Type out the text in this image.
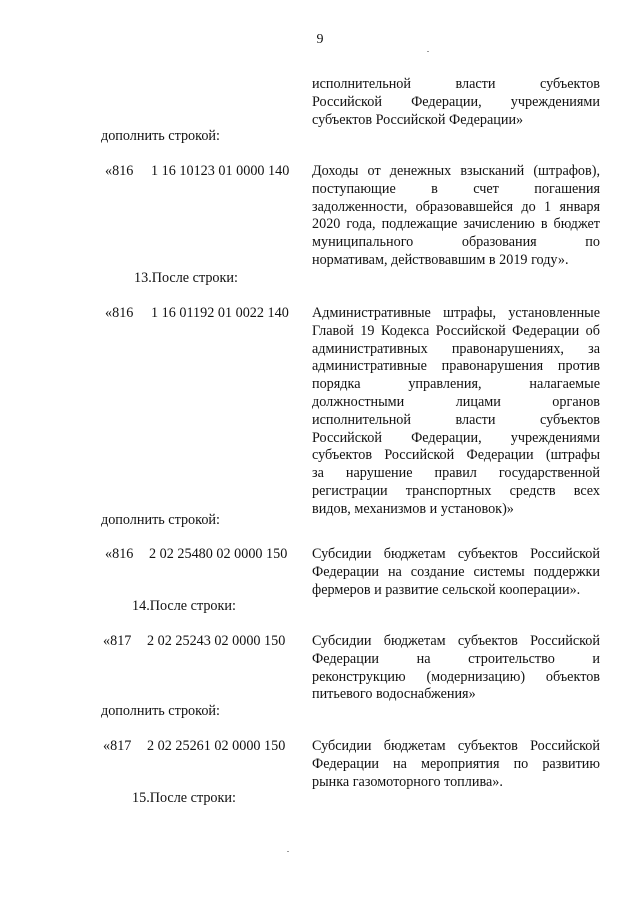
9
исполнительной власти субъектов
Российской Федерации, учреждениями
субъектов Российской Федерации»
дополнить строкой:
«816 1 16 10123 01 0000 140 Доходы от денежных взысканий (штрафов),
поступающие в счет погашения
задолженности, образовавшейся до 1 января
2020 года, подлежащие зачислению в бюджет
муниципального образования по
нормативам, действовавшим в 2019 году».
13.После строки:
«816 1 16 01192 01 0022 140 Административные штрафы, установленные
Главой 19 Кодекса Российской Федерации об
административных правонарушениях, за
административные правонарушения против
порядка управления, налагаемые
должностными лицами органов
исполнительной власти субъектов
Российской Федерации, учреждениями
субъектов Российской Федерации (штрафы
за нарушение правил государственной
регистрации транспортных средств всех
видов, механизмов и установок)»
дополнить строкой:
«816 2 02 25480 02 0000 150 Субсидии бюджетам субъектов Российской
Федерации на создание системы поддержки
фермеров и развитие сельской кооперации».
14.После строки:
«817 2 02 25243 02 0000 150 Субсидии бюджетам субъектов Российской
Федерации на строительство и
реконструкцию (модернизацию) объектов
питьевого водоснабжения»
дополнить строкой:
«817 2 02 25261 02 0000 150 Субсидии бюджетам субъектов Российской
Федерации на мероприятия по развитию
рынка газомоторного топлива».
15.После строки:
